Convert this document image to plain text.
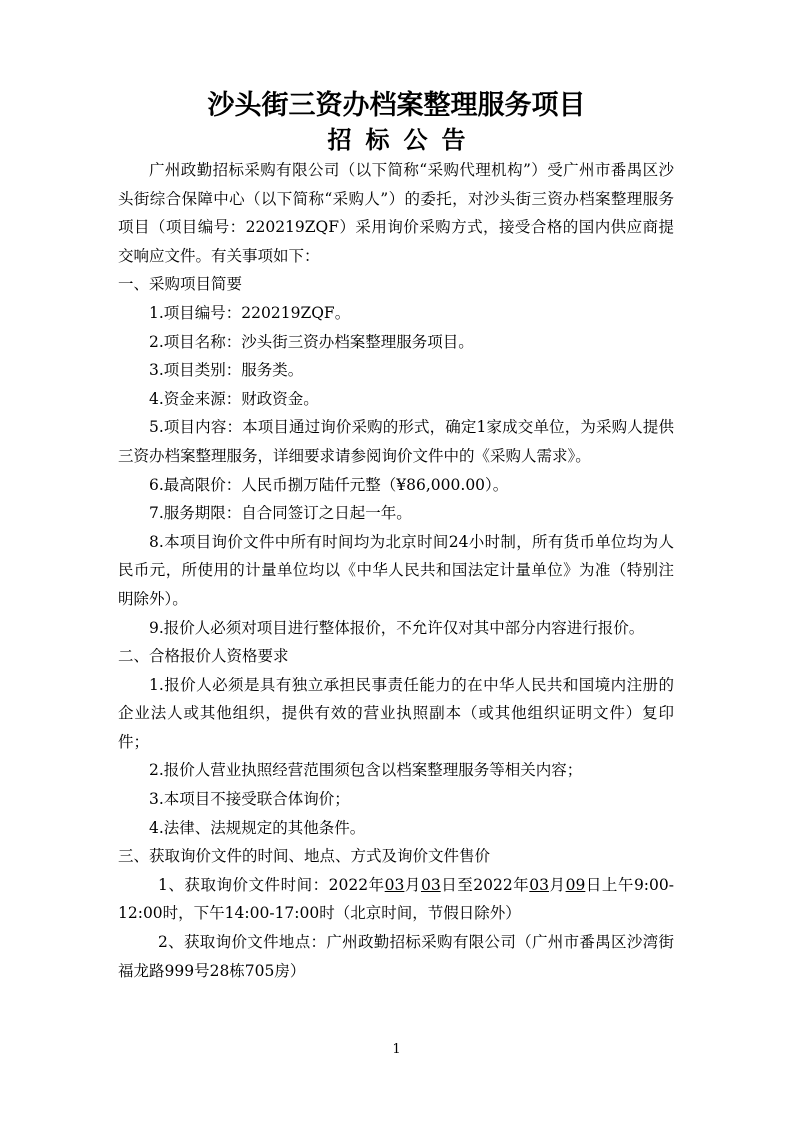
沙头街三资办档案整理服务项目
招标公告

广州政勤招标采购有限公司（以下简称“采购代理机构”）受广州市番禺区沙头街综合保障中心（以下简称“采购人”）的委托，对沙头街三资办档案整理服务项目（项目编号：220219ZQF）采用询价采购方式，接受合格的国内供应商提交响应文件。有关事项如下：

一、采购项目简要

1.项目编号：220219ZQF。

2.项目名称：沙头街三资办档案整理服务项目。

3.项目类别：服务类。

4.资金来源：财政资金。

5.项目内容：本项目通过询价采购的形式，确定1家成交单位，为采购人提供三资办档案整理服务，详细要求请参阅询价文件中的《采购人需求》。

6.最高限价：人民币捌万陆仟元整（¥86,000.00）。

7.服务期限：自合同签订之日起一年。

8.本项目询价文件中所有时间均为北京时间24小时制，所有货币单位均为人民币元，所使用的计量单位均以《中华人民共和国法定计量单位》为准（特别注明除外）。

9.报价人必须对项目进行整体报价，不允许仅对其中部分内容进行报价。

二、合格报价人资格要求

1.报价人必须是具有独立承担民事责任能力的在中华人民共和国境内注册的企业法人或其他组织，提供有效的营业执照副本（或其他组织证明文件）复印件；

2.报价人营业执照经营范围须包含以档案整理服务等相关内容；

3.本项目不接受联合体询价；

4.法律、法规规定的其他条件。

三、获取询价文件的时间、地点、方式及询价文件售价

1、获取询价文件时间：2022年03月03日至2022年03月09日上午9:00-12:00时，下午14:00-17:00时（北京时间，节假日除外）

2、获取询价文件地点：广州政勤招标采购有限公司（广州市番禺区沙湾街福龙路999号28栋705房）

1
